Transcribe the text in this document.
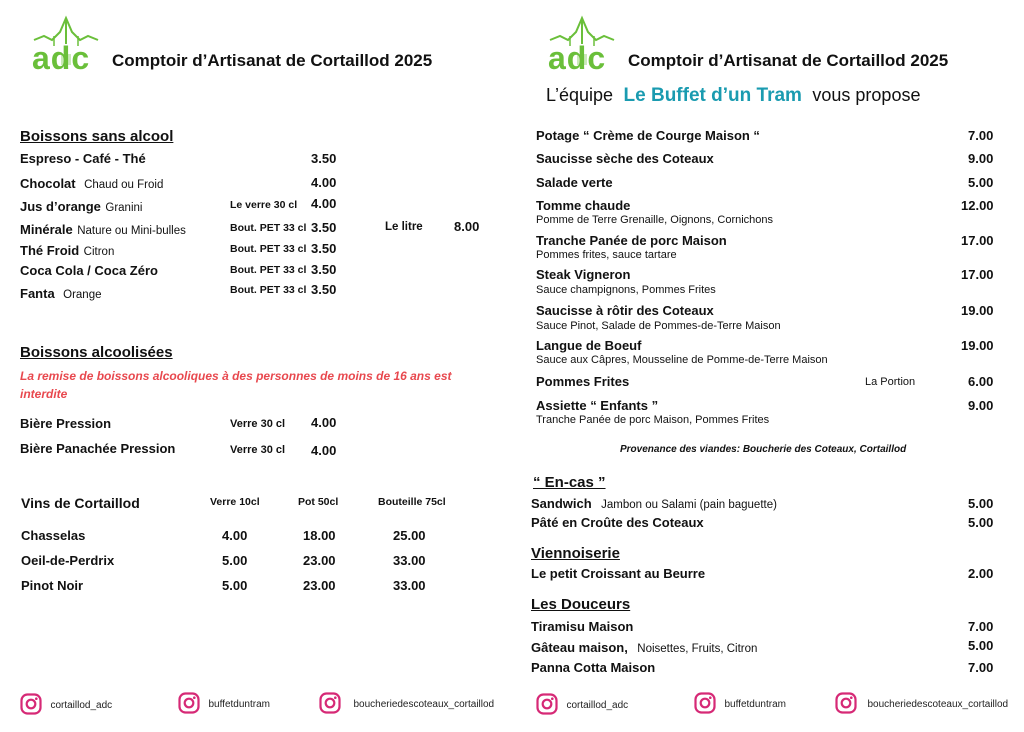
adc Comptoir d’Artisanat de Cortaillod 2025	adc Comptoir d’Artisanat de Cortaillod 2025
L’équipe Le Buffet d’un Tram vous propose
Boissons sans alcool
Espreso - Café - Thé	3.50
Chocolat Chaud ou Froid	4.00
Jus d’orange Granini	Le verre 30 cl 4.00
Minérale Nature ou Mini-bulles	Bout. PET 33 cl 3.50	Le litre 8.00
Thé Froid Citron	Bout. PET 33 cl 3.50
Coca Cola / Coca Zéro	Bout. PET 33 cl 3.50
Fanta Orange	Bout. PET 33 cl 3.50
Boissons alcoolisées
La remise de boissons alcooliques à des personnes de moins de 16 ans est interdite
Bière Pression	Verre 30 cl 4.00
Bière Panachée Pression	Verre 30 cl 4.00
Vins de Cortaillod	Verre 10cl	Pot 50cl	Bouteille 75cl
Chasselas	4.00	18.00	25.00
Oeil-de-Perdrix	5.00	23.00	33.00
Pinot Noir	5.00	23.00	33.00
Potage “ Crème de Courge Maison “	7.00
Saucisse sèche des Coteaux	9.00
Salade verte	5.00
Tomme chaude
Pomme de Terre Grenaille, Oignons, Cornichons
12.00
Tranche Panée de porc Maison
Pommes frites, sauce tartare
17.00
Steak Vigneron
Sauce champignons, Pommes Frites
17.00
Saucisse à rôtir des Coteaux
Sauce Pinot, Salade de Pommes-de-Terre Maison
19.00
Langue de Boeuf
Sauce aux Câpres, Mousseline de Pomme-de-Terre Maison
19.00
Pommes Frites	La Portion	6.00
Assiette “ Enfants ”
Tranche Panée de porc Maison, Pommes Frites
9.00
Provenance des viandes: Boucherie des Coteaux, Cortaillod
“ En-cas ”
Sandwich Jambon ou Salami (pain baguette)	5.00
Pâté en Croûte des Coteaux	5.00
Viennoiserie
Le petit Croissant au Beurre	2.00
Les Douceurs
Tiramisu Maison	7.00
Gâteau maison, Noisettes, Fruits, Citron	5.00
Panna Cotta Maison	7.00
cortaillod_adc	buffetduntram	boucheriedescoteaux_cortaillod	cortaillod_adc	buffetduntram	boucheriedescoteaux_cortaillod
